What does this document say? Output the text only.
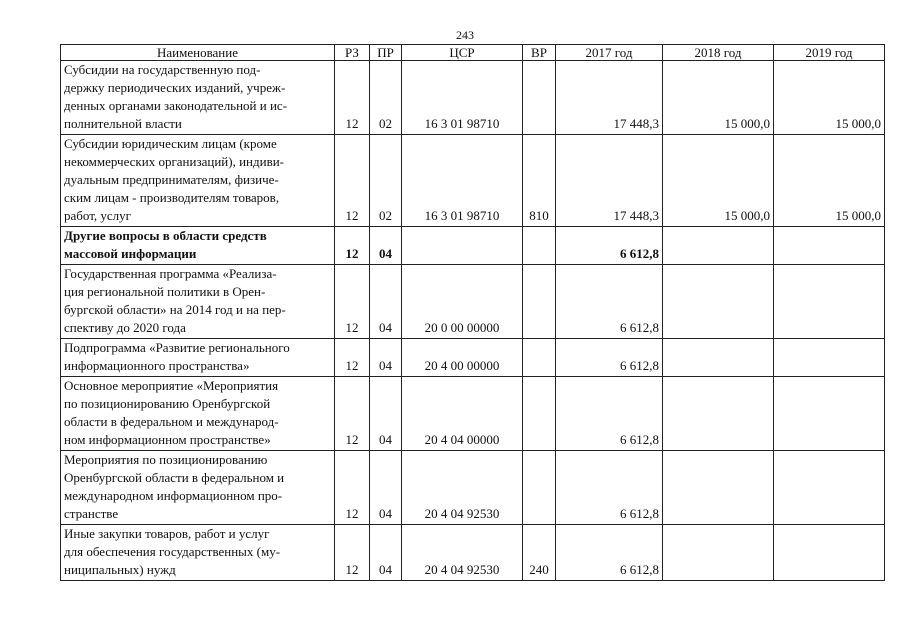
243
Наименование	РЗ	ПР	ЦСР	ВР	2017 год	2018 год	2019 год

Субсидии на государственную под-
держку периодических изданий, учреж-
денных органами законодательной и ис-
полнительной власти	12	02	16 3 01 98710		17 448,3	15 000,0	15 000,0

Субсидии юридическим лицам (кроме
некоммерческих организаций), индиви-
дуальным предпринимателям, физиче-
ским лицам - производителям товаров,
работ, услуг	12	02	16 3 01 98710	810	17 448,3	15 000,0	15 000,0

Другие вопросы в области средств
массовой информации	12	04			6 612,8		

Государственная программа «Реализа-
ция региональной политики в Орен-
бургской области» на 2014 год и на пер-
спективу до 2020 года	12	04	20 0 00 00000		6 612,8		

Подпрограмма «Развитие регионального
информационного пространства»	12	04	20 4 00 00000		6 612,8		

Основное мероприятие «Мероприятия
по позиционированию Оренбургской
области в федеральном и международ-
ном информационном пространстве»	12	04	20 4 04 00000		6 612,8		

Мероприятия по позиционированию
Оренбургской области в федеральном и
международном информационном про-
странстве	12	04	20 4 04 92530		6 612,8		

Иные закупки товаров, работ и услуг
для обеспечения государственных (му-
ниципальных) нужд	12	04	20 4 04 92530	240	6 612,8		
